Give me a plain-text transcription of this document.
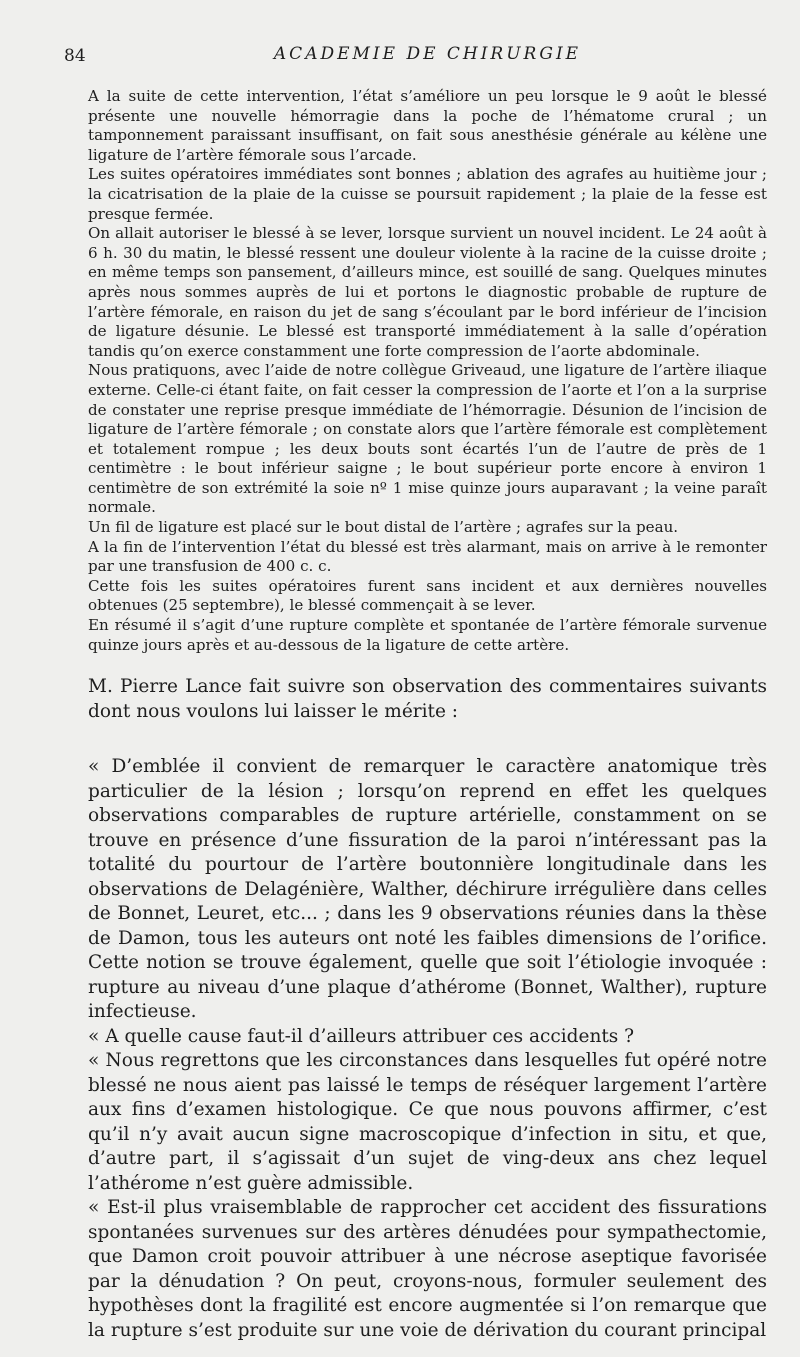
84	ACADEMIE DE CHIRURGIE

A la suite de cette intervention, l’état s’améliore un peu lorsque le 9 août le blessé présente une nouvelle hémorragie dans la poche de l’hématome crural ; un tamponnement paraissant insuffisant, on fait sous anesthésie générale au kélène une ligature de l’artère fémorale sous l’arcade.

Les suites opératoires immédiates sont bonnes ; ablation des agrafes au huitième jour ; la cicatrisation de la plaie de la cuisse se poursuit rapidement ; la plaie de la fesse est presque fermée.

On allait autoriser le blessé à se lever, lorsque survient un nouvel incident. Le 24 août à 6 h. 30 du matin, le blessé ressent une douleur violente à la racine de la cuisse droite ; en même temps son pansement, d’ailleurs mince, est souillé de sang. Quelques minutes après nous sommes auprès de lui et portons le diagnostic probable de rupture de l’artère fémorale, en raison du jet de sang s’écoulant par le bord inférieur de l’incision de ligature désunie. Le blessé est transporté immédiatement à la salle d’opération tandis qu’on exerce constamment une forte compression de l’aorte abdominale.

Nous pratiquons, avec l’aide de notre collègue Griveaud, une ligature de l’artère iliaque externe. Celle-ci étant faite, on fait cesser la compression de l’aorte et l’on a la surprise de constater une reprise presque immédiate de l’hémorragie. Désunion de l’incision de ligature de l’artère fémorale ; on constate alors que l’artère fémorale est complètement et totalement rompue ; les deux bouts sont écartés l’un de l’autre de près de 1 centimètre : le bout inférieur saigne ; le bout supérieur porte encore à environ 1 centimètre de son extrémité la soie nº 1 mise quinze jours auparavant ; la veine paraît normale.

Un fil de ligature est placé sur le bout distal de l’artère ; agrafes sur la peau.

A la fin de l’intervention l’état du blessé est très alarmant, mais on arrive à le remonter par une transfusion de 400 c. c.

Cette fois les suites opératoires furent sans incident et aux dernières nouvelles obtenues (25 septembre), le blessé commençait à se lever.

En résumé il s’agit d’une rupture complète et spontanée de l’artère fémorale survenue quinze jours après et au-dessous de la ligature de cette artère.

M. Pierre Lance fait suivre son observation des commentaires suivants dont nous voulons lui laisser le mérite :

« D’emblée il convient de remarquer le caractère anatomique très particulier de la lésion ; lorsqu’on reprend en effet les quelques observations comparables de rupture artérielle, constamment on se trouve en présence d’une fissuration de la paroi n’intéressant pas la totalité du pourtour de l’artère boutonnière longitudinale dans les observations de Delagénière, Walther, déchirure irrégulière dans celles de Bonnet, Leuret, etc... ; dans les 9 observations réunies dans la thèse de Damon, tous les auteurs ont noté les faibles dimensions de l’orifice. Cette notion se trouve également, quelle que soit l’étiologie invoquée : rupture au niveau d’une plaque d’athérome (Bonnet, Walther), rupture infectieuse.

« A quelle cause faut-il d’ailleurs attribuer ces accidents ?

« Nous regrettons que les circonstances dans lesquelles fut opéré notre blessé ne nous aient pas laissé le temps de réséquer largement l’artère aux fins d’examen histologique. Ce que nous pouvons affirmer, c’est qu’il n’y avait aucun signe macroscopique d’infection in situ, et que, d’autre part, il s’agissait d’un sujet de ving-deux ans chez lequel l’athérome n’est guère admissible.

« Est-il plus vraisemblable de rapprocher cet accident des fissurations spontanées survenues sur des artères dénudées pour sympathectomie, que Damon croit pouvoir attribuer à une nécrose aseptique favorisée par la dénudation ? On peut, croyons-nous, formuler seulement des hypothèses dont la fragilité est encore augmentée si l’on remarque que la rupture s’est produite sur une voie de dérivation du courant principal
